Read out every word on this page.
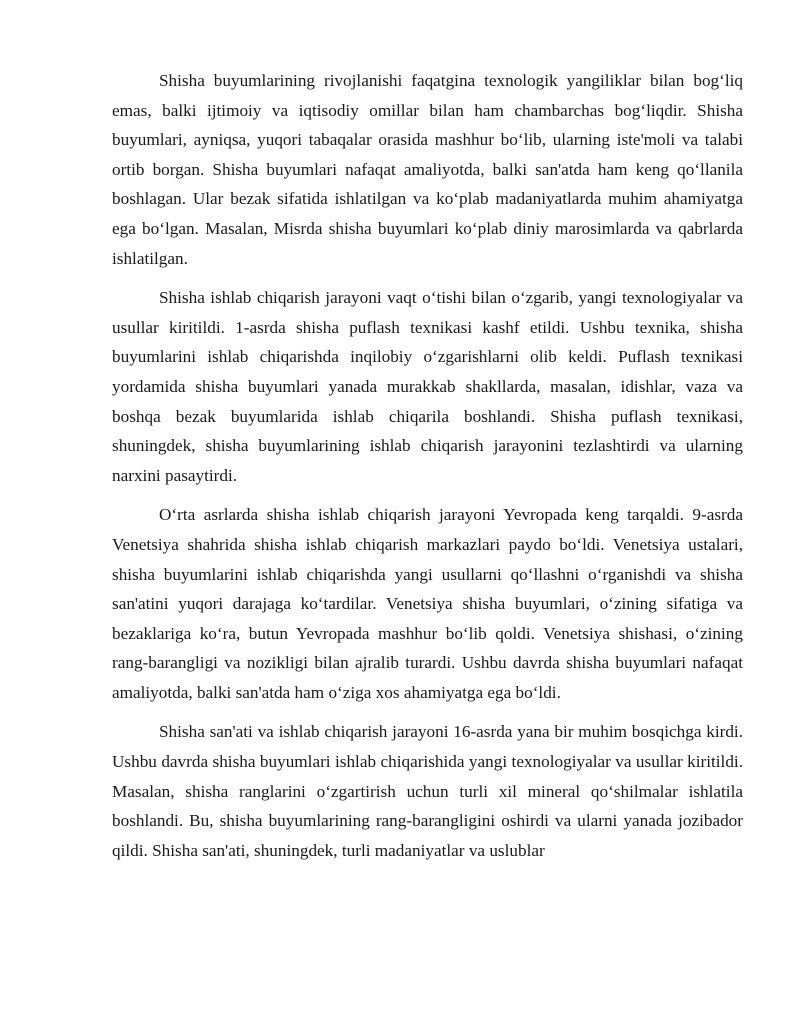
Shisha buyumlarining rivojlanishi faqatgina texnologik yangiliklar bilan bog‘liq emas, balki ijtimoiy va iqtisodiy omillar bilan ham chambarchas bog‘liqdir. Shisha buyumlari, ayniqsa, yuqori tabaqalar orasida mashhur bo‘lib, ularning iste'moli va talabi ortib borgan. Shisha buyumlari nafaqat amaliyotda, balki san'atda ham keng qo‘llanila boshlagan. Ular bezak sifatida ishlatilgan va ko‘plab madaniyatlarda muhim ahamiyatga ega bo‘lgan. Masalan, Misrda shisha buyumlari ko‘plab diniy marosimlarda va qabrlarda ishlatilgan.

Shisha ishlab chiqarish jarayoni vaqt o‘tishi bilan o‘zgarib, yangi texnologiyalar va usullar kiritildi. 1-asrda shisha puflash texnikasi kashf etildi. Ushbu texnika, shisha buyumlarini ishlab chiqarishda inqilobiy o‘zgarishlarni olib keldi. Puflash texnikasi yordamida shisha buyumlari yanada murakkab shakllarda, masalan, idishlar, vaza va boshqa bezak buyumlarida ishlab chiqarila boshlandi. Shisha puflash texnikasi, shuningdek, shisha buyumlarining ishlab chiqarish jarayonini tezlashtirdi va ularning narxini pasaytirdi.

O‘rta asrlarda shisha ishlab chiqarish jarayoni Yevropada keng tarqaldi. 9-asrda Venetsiya shahrida shisha ishlab chiqarish markazlari paydo bo‘ldi. Venetsiya ustalari, shisha buyumlarini ishlab chiqarishda yangi usullarni qo‘llashni o‘rganishdi va shisha san'atini yuqori darajaga ko‘tardilar. Venetsiya shisha buyumlari, o‘zining sifatiga va bezaklariga ko‘ra, butun Yevropada mashhur bo‘lib qoldi. Venetsiya shishasi, o‘zining rang-barangligi va nozikligi bilan ajralib turardi. Ushbu davrda shisha buyumlari nafaqat amaliyotda, balki san'atda ham o‘ziga xos ahamiyatga ega bo‘ldi.

Shisha san'ati va ishlab chiqarish jarayoni 16-asrda yana bir muhim bosqichga kirdi. Ushbu davrda shisha buyumlari ishlab chiqarishida yangi texnologiyalar va usullar kiritildi. Masalan, shisha ranglarini o‘zgartirish uchun turli xil mineral qo‘shilmalar ishlatila boshlandi. Bu, shisha buyumlarining rang-barangligini oshirdi va ularni yanada jozibador qildi. Shisha san'ati, shuningdek, turli madaniyatlar va uslublar
